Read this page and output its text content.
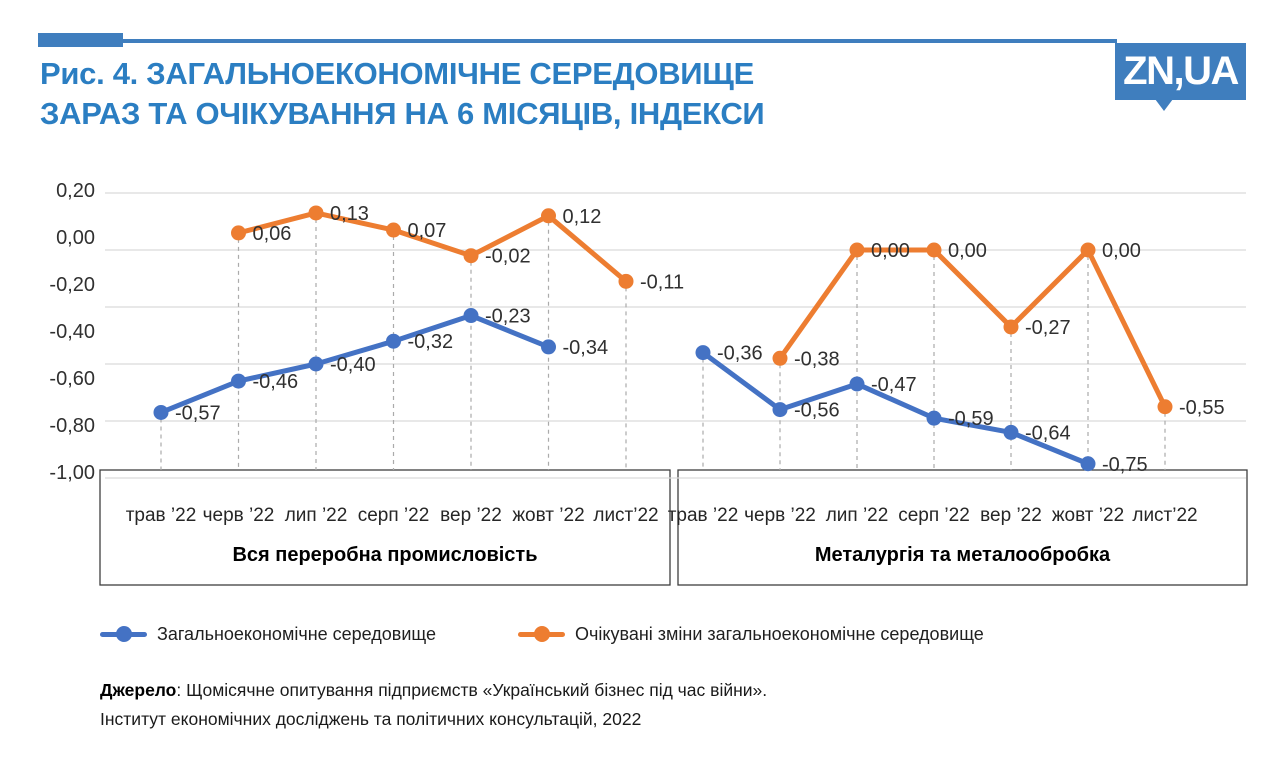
Рис. 4. ЗАГАЛЬНОЕКОНОМІЧНЕ СЕРЕДОВИЩЕ
ЗАРАЗ ТА ОЧІКУВАННЯ НА 6 МІСЯЦІВ, ІНДЕКСИ
ZN,UA
0,20
0,00
-0,20
-0,40
-0,60
-0,80
-1,00
-0,57
-0,46
-0,40
-0,32
-0,23
-0,34
0,06
0,13
0,07
-0,02
0,12
-0,11
трав ’22 черв ’22 лип ’22 серп ’22 вер ’22 жовт ’22 лист’22
Вся переробна промисловість
-0,36
-0,56
-0,47
-0,59
-0,64
-0,75
-0,38
0,00 0,00
-0,27
0,00
-0,55
трав ’22 черв ’22 лип ’22 серп ’22 вер ’22 жовт ’22 лист’22
Металургія та металообробка
Загальноекономічне середовище	Очікувані зміни загальноекономічне середовище
Джерело: Щомісячне опитування підприємств «Український бізнес під час війни».
Інститут економічних досліджень та політичних консультацій, 2022
